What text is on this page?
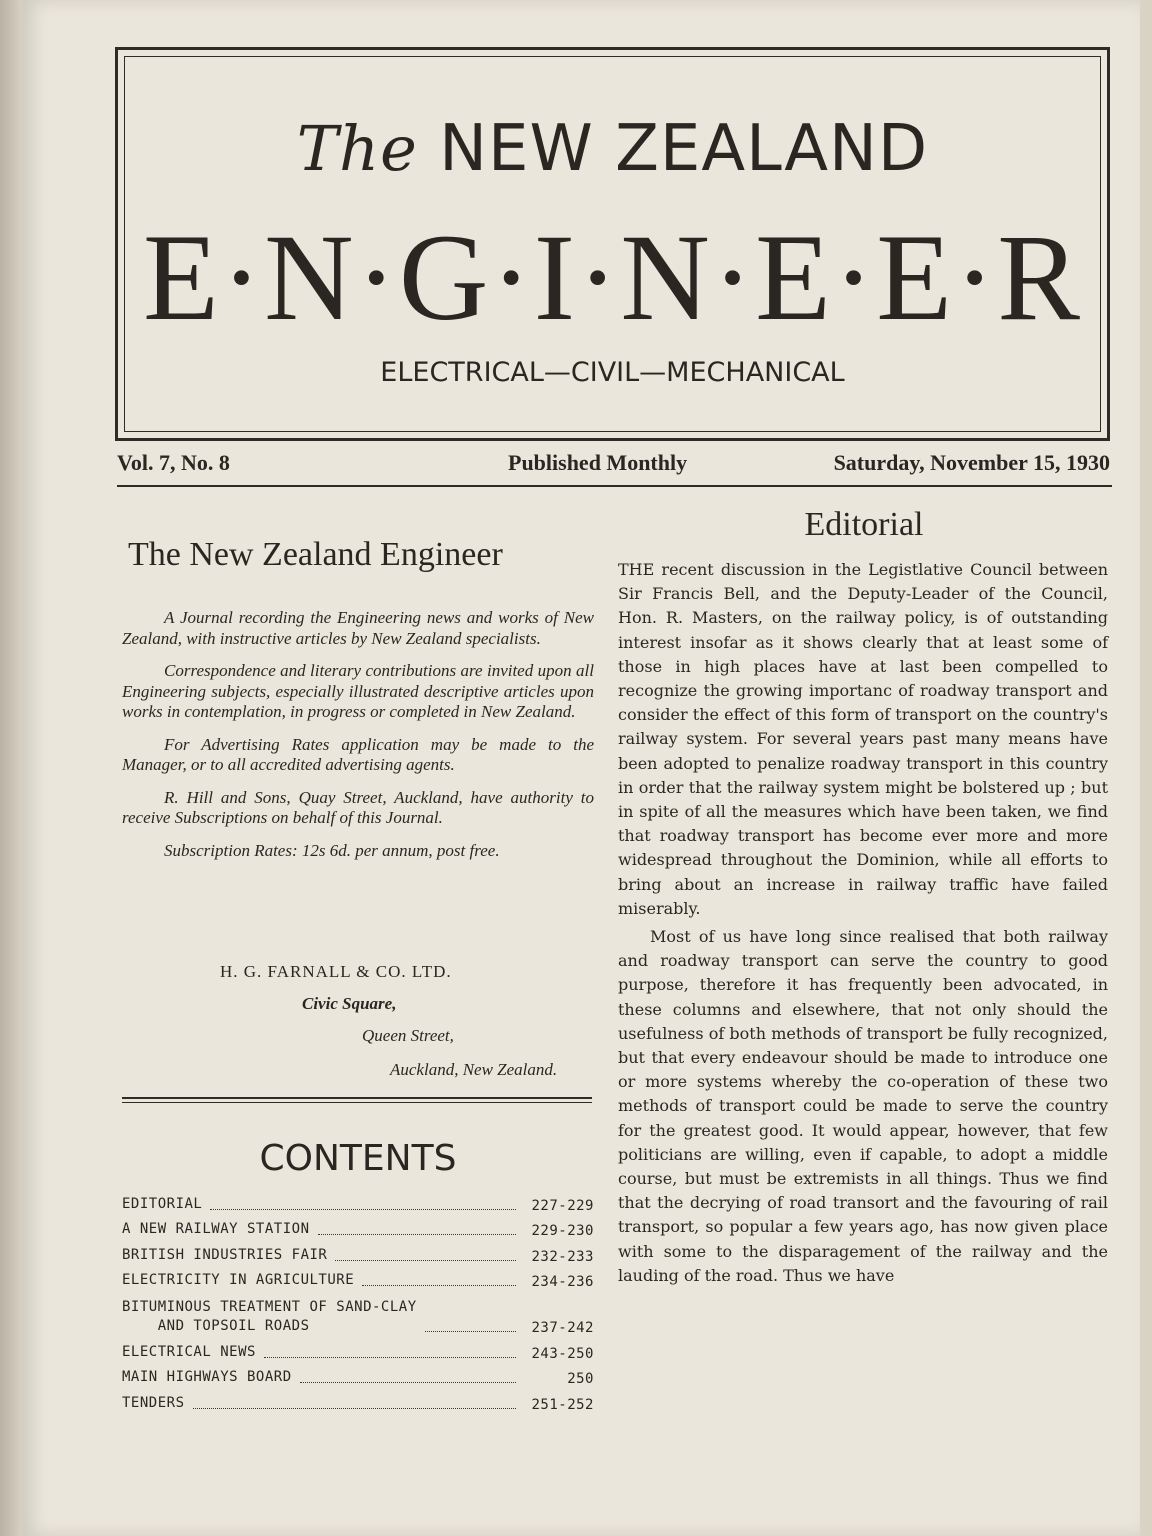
The NEW ZEALAND
E·N·G·I·N·E·E·R
ELECTRICAL—CIVIL—MECHANICAL
Vol. 7, No. 8	Published Monthly	Saturday, November 15, 1930
The New Zealand Engineer

A Journal recording the Engineering news and works of New Zealand, with instructive articles by New Zealand specialists.

Correspondence and literary contributions are invited upon all Engineering subjects, especially illustrated descriptive articles upon works in contemplation, in progress or completed in New Zealand.

For Advertising Rates application may be made to the Manager, or to all accredited advertising agents.

R. Hill and Sons, Quay Street, Auckland, have authority to receive Subscriptions on behalf of this Journal.

Subscription Rates: 12s 6d. per annum, post free.

H. G. FARNALL & CO. LTD.
Civic Square,
Queen Street,
Auckland, New Zealand.
CONTENTS
EDITORIAL	227-229
A NEW RAILWAY STATION	229-230
BRITISH INDUSTRIES FAIR	232-233
ELECTRICITY IN AGRICULTURE	234-236
BITUMINOUS TREATMENT OF SAND-CLAY
AND TOPSOIL ROADS	237-242
ELECTRICAL NEWS	243-250
MAIN HIGHWAYS BOARD	250
TENDERS	251-252
Editorial

THE recent discussion in the Legistlative Council between Sir Francis Bell, and the Deputy-Leader of the Council, Hon. R. Masters, on the railway policy, is of outstanding interest insofar as it shows clearly that at least some of those in high places have at last been compelled to recognize the growing importanc of roadway transport and consider the effect of this form of transport on the country's railway system. For several years past many means have been adopted to penalize roadway transport in this country in order that the railway system might be bolstered up ; but in spite of all the measures which have been taken, we find that roadway transport has become ever more and more widespread throughout the Dominion, while all efforts to bring about an increase in railway traffic have failed miserably.

Most of us have long since realised that both railway and roadway transport can serve the country to good purpose, therefore it has frequently been advocated, in these columns and elsewhere, that not only should the usefulness of both methods of transport be fully recognized, but that every endeavour should be made to introduce one or more systems whereby the co-operation of these two methods of transport could be made to serve the country for the greatest good. It would appear, however, that few politicians are willing, even if capable, to adopt a middle course, but must be extremists in all things. Thus we find that the decrying of road transort and the favouring of rail transport, so popular a few years ago, has now given place with some to the disparagement of the railway and the lauding of the road. Thus we have
